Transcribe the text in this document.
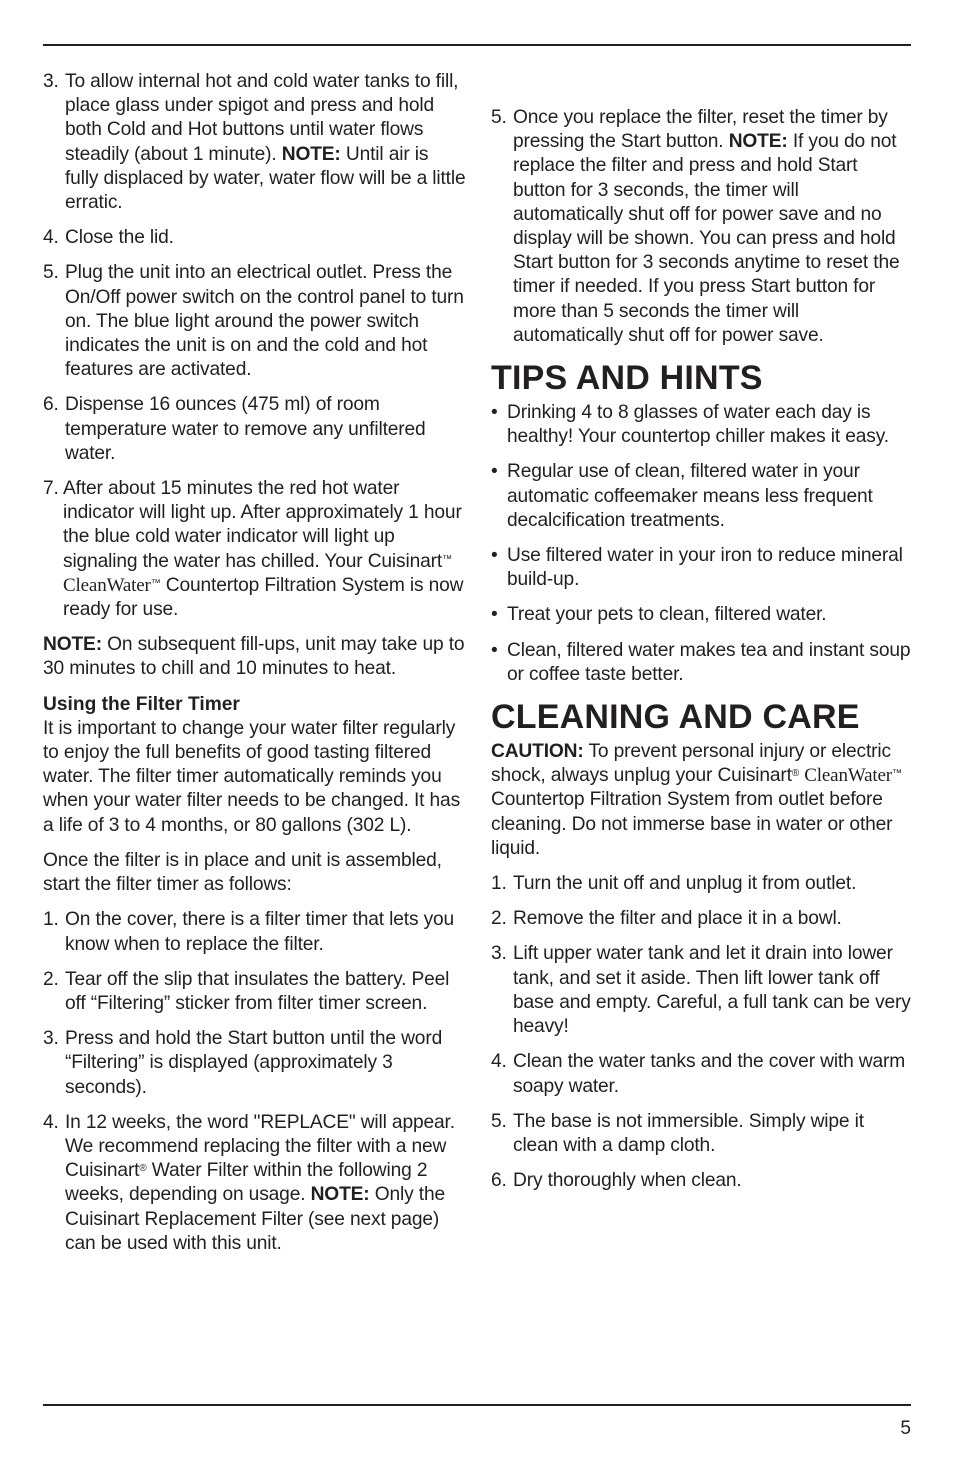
3. To allow internal hot and cold water tanks to fill, place glass under spigot and press and hold both Cold and Hot buttons until water flows steadily (about 1 minute). NOTE: Until air is fully displaced by water, water flow will be a little erratic.
4. Close the lid.
5. Plug the unit into an electrical outlet. Press the On/Off power switch on the control panel to turn on. The blue light around the power switch indicates the unit is on and the cold and hot features are activated.
6. Dispense 16 ounces (475 ml) of room temperature water to remove any unfiltered water.
7. After about 15 minutes the red hot water indicator will light up. After approximately 1 hour the blue cold water indicator will light up signaling the water has chilled. Your Cuisinart™ CleanWater™ Countertop Filtration System is now ready for use.

NOTE: On subsequent fill-ups, unit may take up to 30 minutes to chill and 10 minutes to heat.

Using the Filter Timer

It is important to change your water filter regularly to enjoy the full benefits of good tasting filtered water. The filter timer automatically reminds you when your water filter needs to be changed. It has a life of 3 to 4 months, or 80 gallons (302 L).

Once the filter is in place and unit is assembled, start the filter timer as follows:

1. On the cover, there is a filter timer that lets you know when to replace the filter.
2. Tear off the slip that insulates the battery. Peel off “Filtering” sticker from filter timer screen.
3. Press and hold the Start button until the word “Filtering” is displayed (approximately 3 seconds).
4. In 12 weeks, the word "REPLACE" will appear. We recommend replacing the filter with a new Cuisinart® Water Filter within the following 2 weeks, depending on usage. NOTE: Only the Cuisinart Replacement Filter (see next page) can be used with this unit.
5. Once you replace the filter, reset the timer by pressing the Start button. NOTE: If you do not replace the filter and press and hold Start button for 3 seconds, the timer will automatically shut off for power save and no display will be shown. You can press and hold Start button for 3 seconds anytime to reset the timer if needed. If you press Start button for more than 5 seconds the timer will automatically shut off for power save.
TIPS AND HINTS
• Drinking 4 to 8 glasses of water each day is healthy! Your countertop chiller makes it easy.
• Regular use of clean, filtered water in your automatic coffeemaker means less frequent decalcification treatments.
• Use filtered water in your iron to reduce mineral build-up.
• Treat your pets to clean, filtered water.
• Clean, filtered water makes tea and instant soup or coffee taste better.
CLEANING AND CARE

CAUTION: To prevent personal injury or electric shock, always unplug your Cuisinart® CleanWater™ Countertop Filtration System from outlet before cleaning. Do not immerse base in water or other liquid.

1. Turn the unit off and unplug it from outlet.
2. Remove the filter and place it in a bowl.
3. Lift upper water tank and let it drain into lower tank, and set it aside. Then lift lower tank off base and empty. Careful, a full tank can be very heavy!
4. Clean the water tanks and the cover with warm soapy water.
5. The base is not immersible. Simply wipe it clean with a damp cloth.
6. Dry thoroughly when clean.
5
